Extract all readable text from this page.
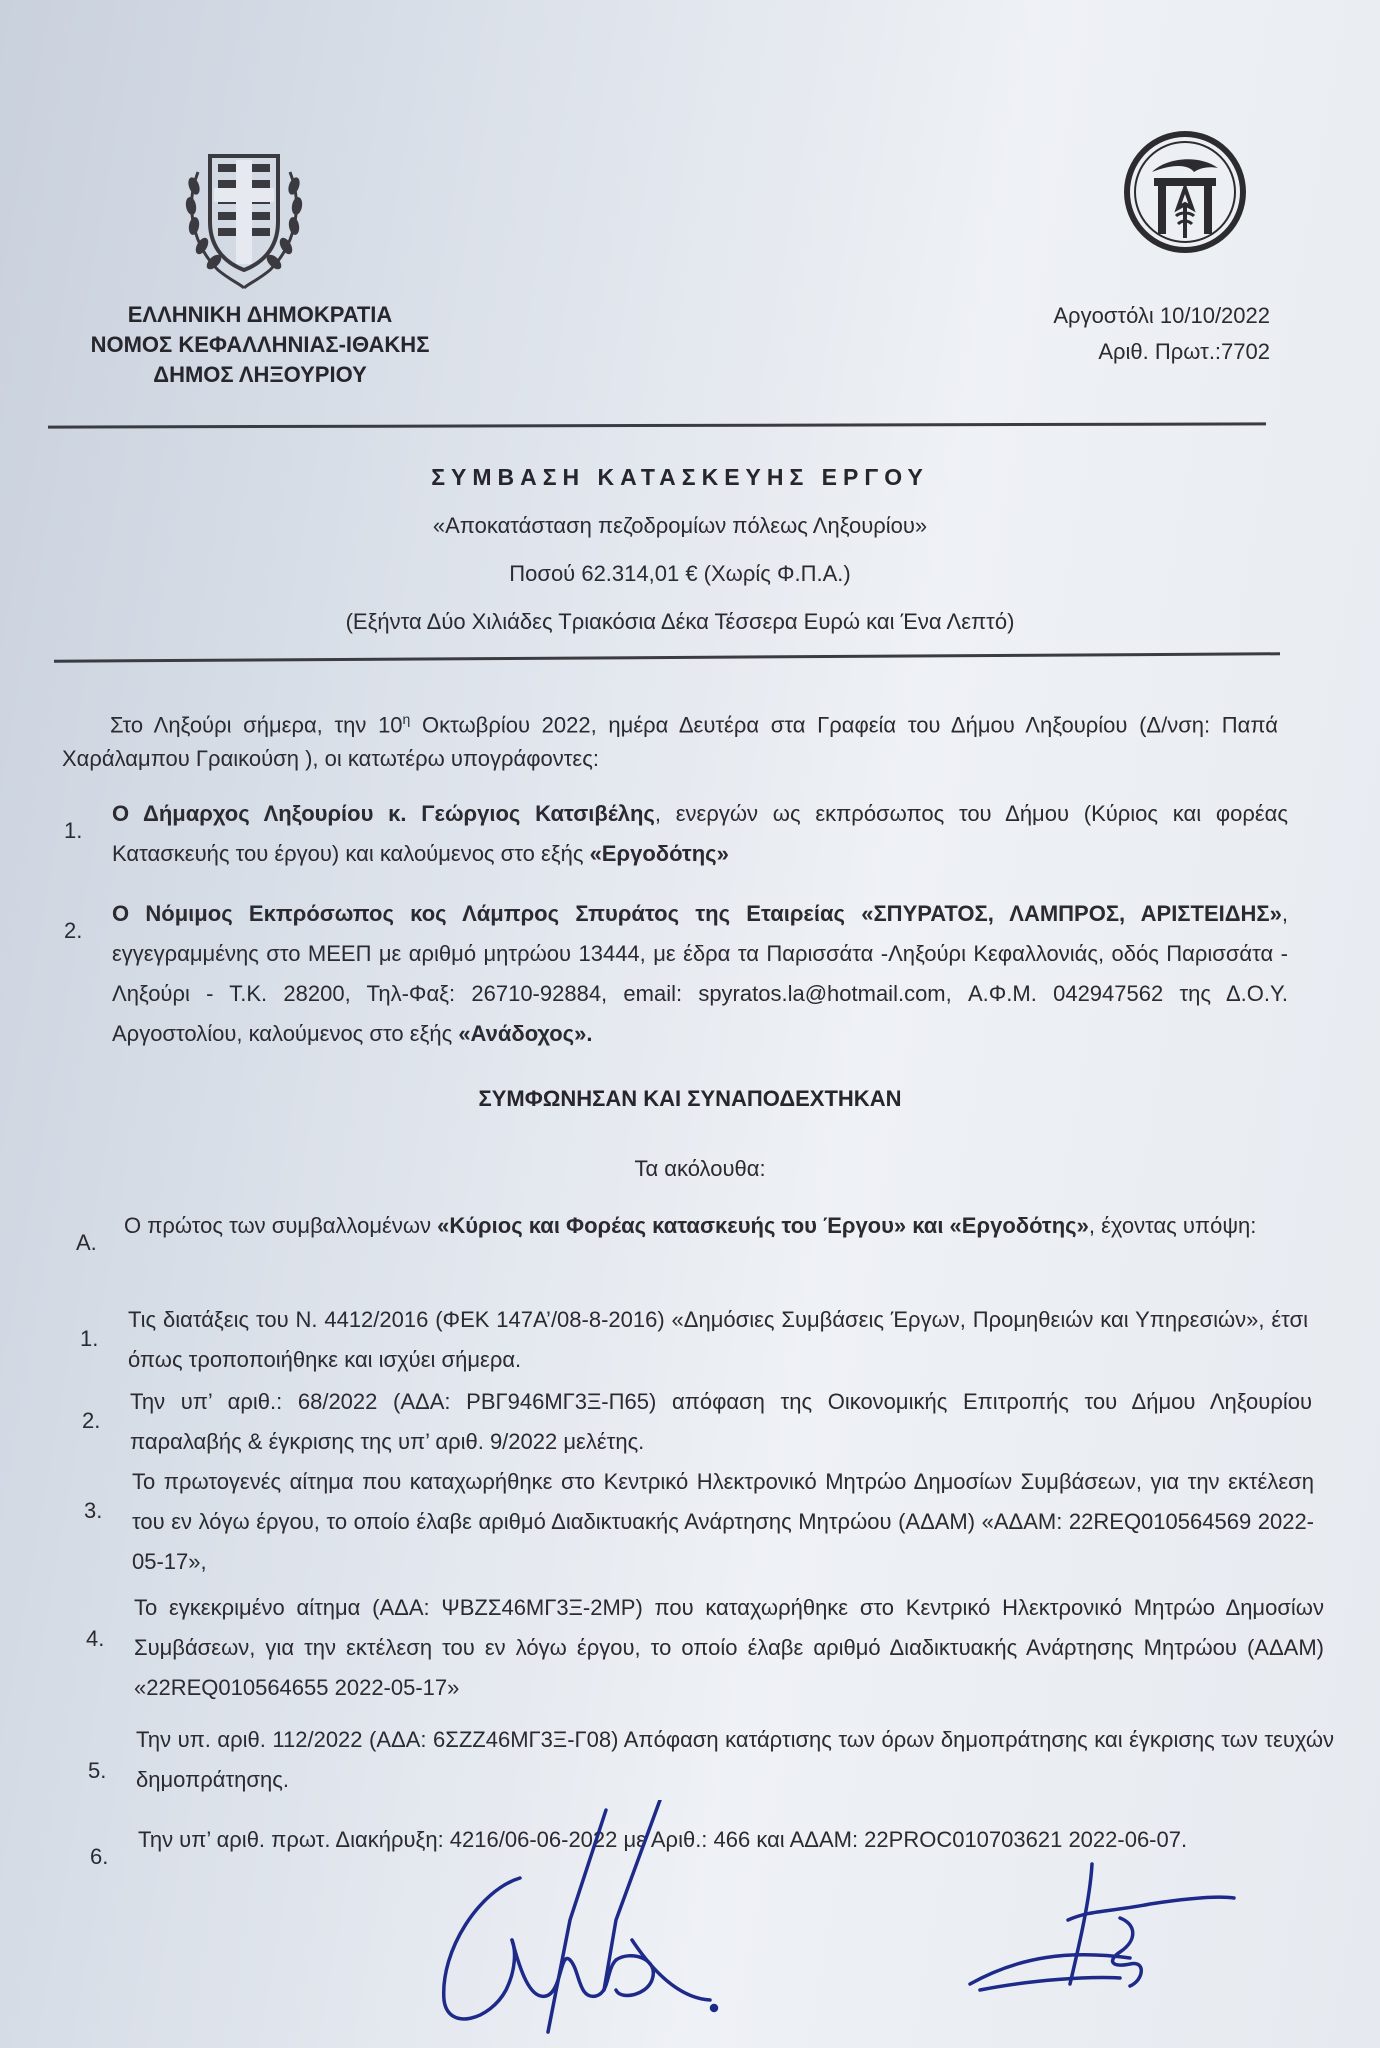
ΕΛΛΗΝΙΚΗ ΔΗΜΟΚΡΑΤΙΑ
ΝΟΜΟΣ ΚΕΦΑΛΛΗΝΙΑΣ-ΙΘΑΚΗΣ
ΔΗΜΟΣ ΛΗΞΟΥΡΙΟΥ
Αργοστόλι 10/10/2022
Αριθ. Πρωτ.:7702
ΣΥΜΒΑΣΗ ΚΑΤΑΣΚΕΥΗΣ ΕΡΓΟΥ
«Αποκατάσταση πεζοδρομίων πόλεως Ληξουρίου»
Ποσού 62.314,01 € (Χωρίς Φ.Π.Α.)
(Εξήντα Δύο Χιλιάδες Τριακόσια Δέκα Τέσσερα Ευρώ και Ένα Λεπτό)
Στο Ληξούρι σήμερα, την $10^\eta$ Οκτωβρίου 2022, ημέρα Δευτέρα στα Γραφεία του Δήμου Ληξουρίου (Δ/νση: Παπά Χαράλαμπου Γραικούση ), οι κατωτέρω υπογράφοντες:
1.
Ο Δήμαρχος Ληξουρίου κ. Γεώργιος Κατσιβέλης, ενεργών ως εκπρόσωπος του Δήμου (Κύριος και φορέας Κατασκευής του έργου) και καλούμενος στο εξής «Εργοδότης»
2.
Ο Νόμιμος Εκπρόσωπος κος Λάμπρος Σπυράτος της Εταιρείας «ΣΠΥΡΑΤΟΣ, ΛΑΜΠΡΟΣ, ΑΡΙΣΤΕΙΔΗΣ», εγγεγραμμένης στο ΜΕΕΠ με αριθμό μητρώου 13444, με έδρα τα Παρισσάτα -Ληξούρι Κεφαλλονιάς, οδός Παρισσάτα - Ληξούρι - Τ.Κ. 28200, Τηλ-Φαξ: 26710-92884, email: spyratos.la@hotmail.com, Α.Φ.Μ. 042947562 της Δ.Ο.Υ. Αργοστολίου, καλούμενος στο εξής «Ανάδοχος».
ΣΥΜΦΩΝΗΣΑΝ ΚΑΙ ΣΥΝΑΠΟΔΕΧΤΗΚΑΝ
Τα ακόλουθα:
Α.
Ο πρώτος των συμβαλλομένων «Κύριος και Φορέας κατασκευής του Έργου» και «Εργοδότης», έχοντας υπόψη:
1.
Τις διατάξεις του Ν. 4412/2016 (ΦΕΚ 147Α’/08-8-2016) «Δημόσιες Συμβάσεις Έργων, Προμηθειών και Υπηρεσιών», έτσι όπως τροποποιήθηκε και ισχύει σήμερα.
2.
Την υπ’ αριθ.: 68/2022 (ΑΔΑ: ΡΒΓ946ΜΓ3Ξ-Π65) απόφαση της Οικονομικής Επιτροπής του Δήμου Ληξουρίου παραλαβής & έγκρισης της υπ’ αριθ. 9/2022 μελέτης.
3.
Το πρωτογενές αίτημα που καταχωρήθηκε στο Κεντρικό Ηλεκτρονικό Μητρώο Δημοσίων Συμβάσεων, για την εκτέλεση του εν λόγω έργου, το οποίο έλαβε αριθμό Διαδικτυακής Ανάρτησης Μητρώου (ΑΔΑΜ) «ΑΔΑΜ: 22REQ010564569 2022-05-17»,
4.
Το εγκεκριμένο αίτημα (ΑΔΑ: ΨΒΖΣ46ΜΓ3Ξ-2ΜΡ) που καταχωρήθηκε στο Κεντρικό Ηλεκτρονικό Μητρώο Δημοσίων Συμβάσεων, για την εκτέλεση του εν λόγω έργου, το οποίο έλαβε αριθμό Διαδικτυακής Ανάρτησης Μητρώου (ΑΔΑΜ) «22REQ010564655 2022-05-17»
5.
Την υπ. αριθ. 112/2022 (ΑΔΑ: 6ΣΖΖ46ΜΓ3Ξ-Γ08) Απόφαση κατάρτισης των όρων δημοπράτησης και έγκρισης των τευχών δημοπράτησης.
6.
Την υπ’ αριθ. πρωτ. Διακήρυξη: 4216/06-06-2022 με Αριθ.: 466 και ΑΔΑΜ: 22PROC010703621 2022-06-07.
